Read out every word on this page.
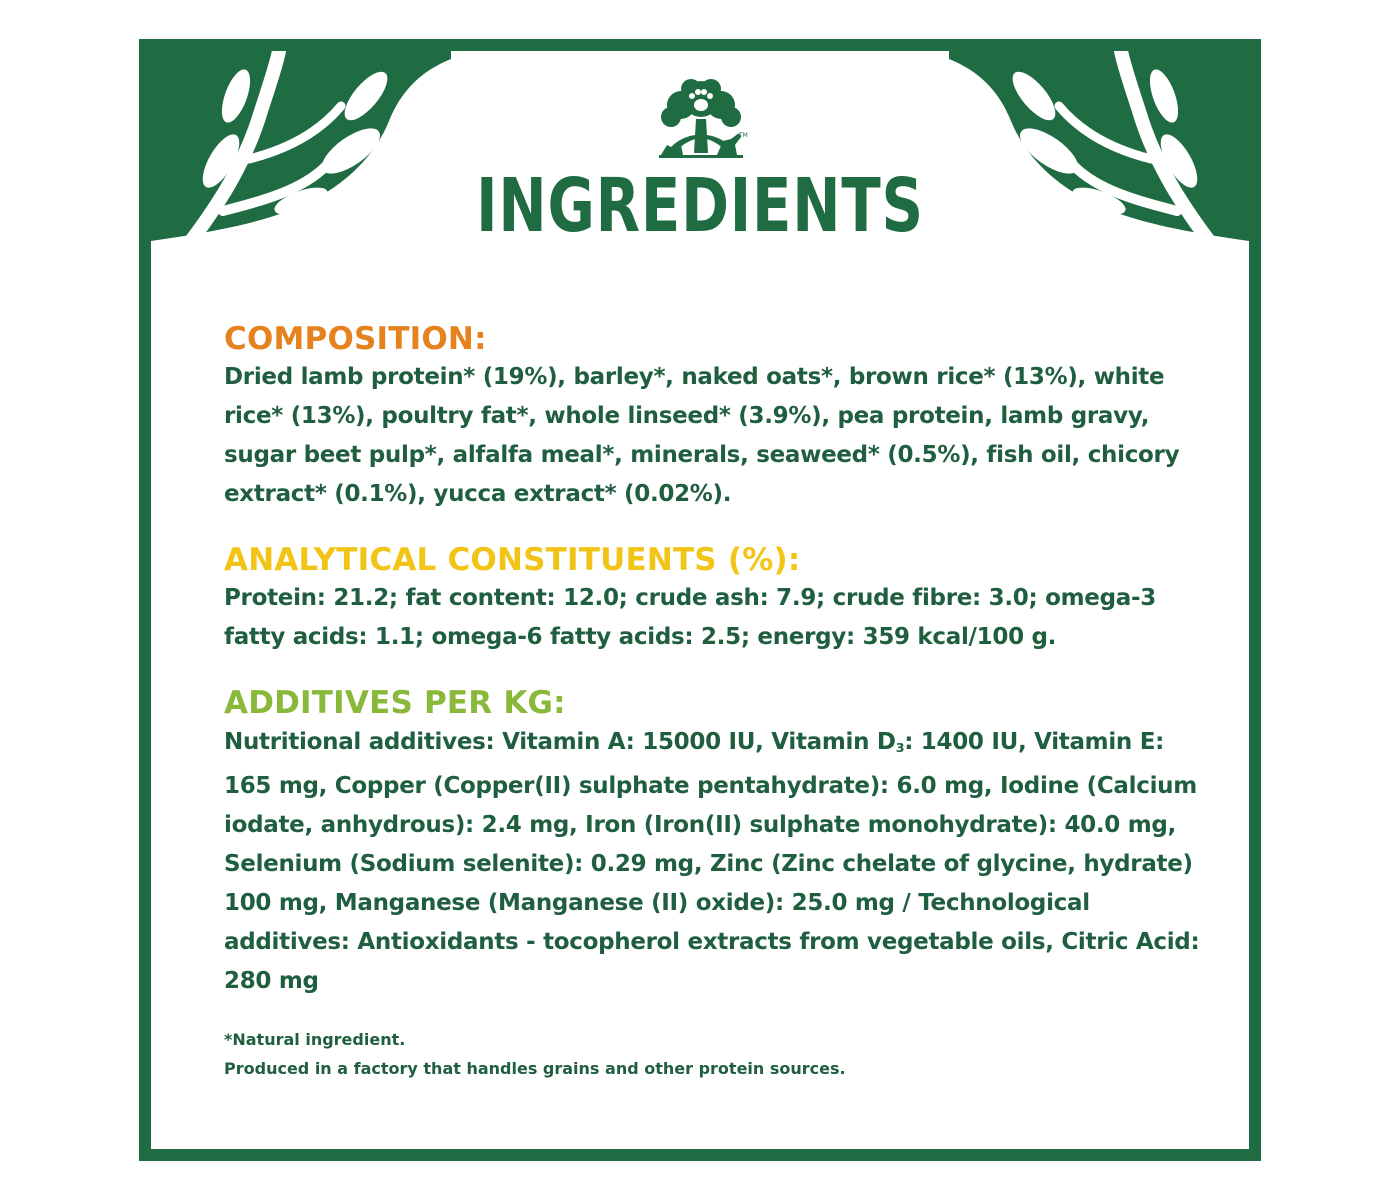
TM
INGREDIENTS
COMPOSITION:

Dried lamb protein* (19%), barley*, naked oats*, brown rice* (13%), white rice* (13%), poultry fat*, whole linseed* (3.9%), pea protein, lamb gravy, sugar beet pulp*, alfalfa meal*, minerals, seaweed* (0.5%), fish oil, chicory extract* (0.1%), yucca extract* (0.02%).

ANALYTICAL CONSTITUENTS (%):

Protein: 21.2; fat content: 12.0; crude ash: 7.9; crude fibre: 3.0; omega-3 fatty acids: 1.1; omega-6 fatty acids: 2.5; energy: 359 kcal/100 g.

ADDITIVES PER KG:

Nutritional additives: Vitamin A: 15000 IU, Vitamin $D_3$: 1400 IU, Vitamin E: 165 mg, Copper (Copper(II) sulphate pentahydrate): 6.0 mg, Iodine (Calcium iodate, anhydrous): 2.4 mg, Iron (Iron(II) sulphate monohydrate): 40.0 mg, Selenium (Sodium selenite): 0.29 mg, Zinc (Zinc chelate of glycine, hydrate) 100 mg, Manganese (Manganese (II) oxide): 25.0 mg / Technological additives: Antioxidants - tocopherol extracts from vegetable oils, Citric Acid: 280 mg

*Natural ingredient.

Produced in a factory that handles grains and other protein sources.
